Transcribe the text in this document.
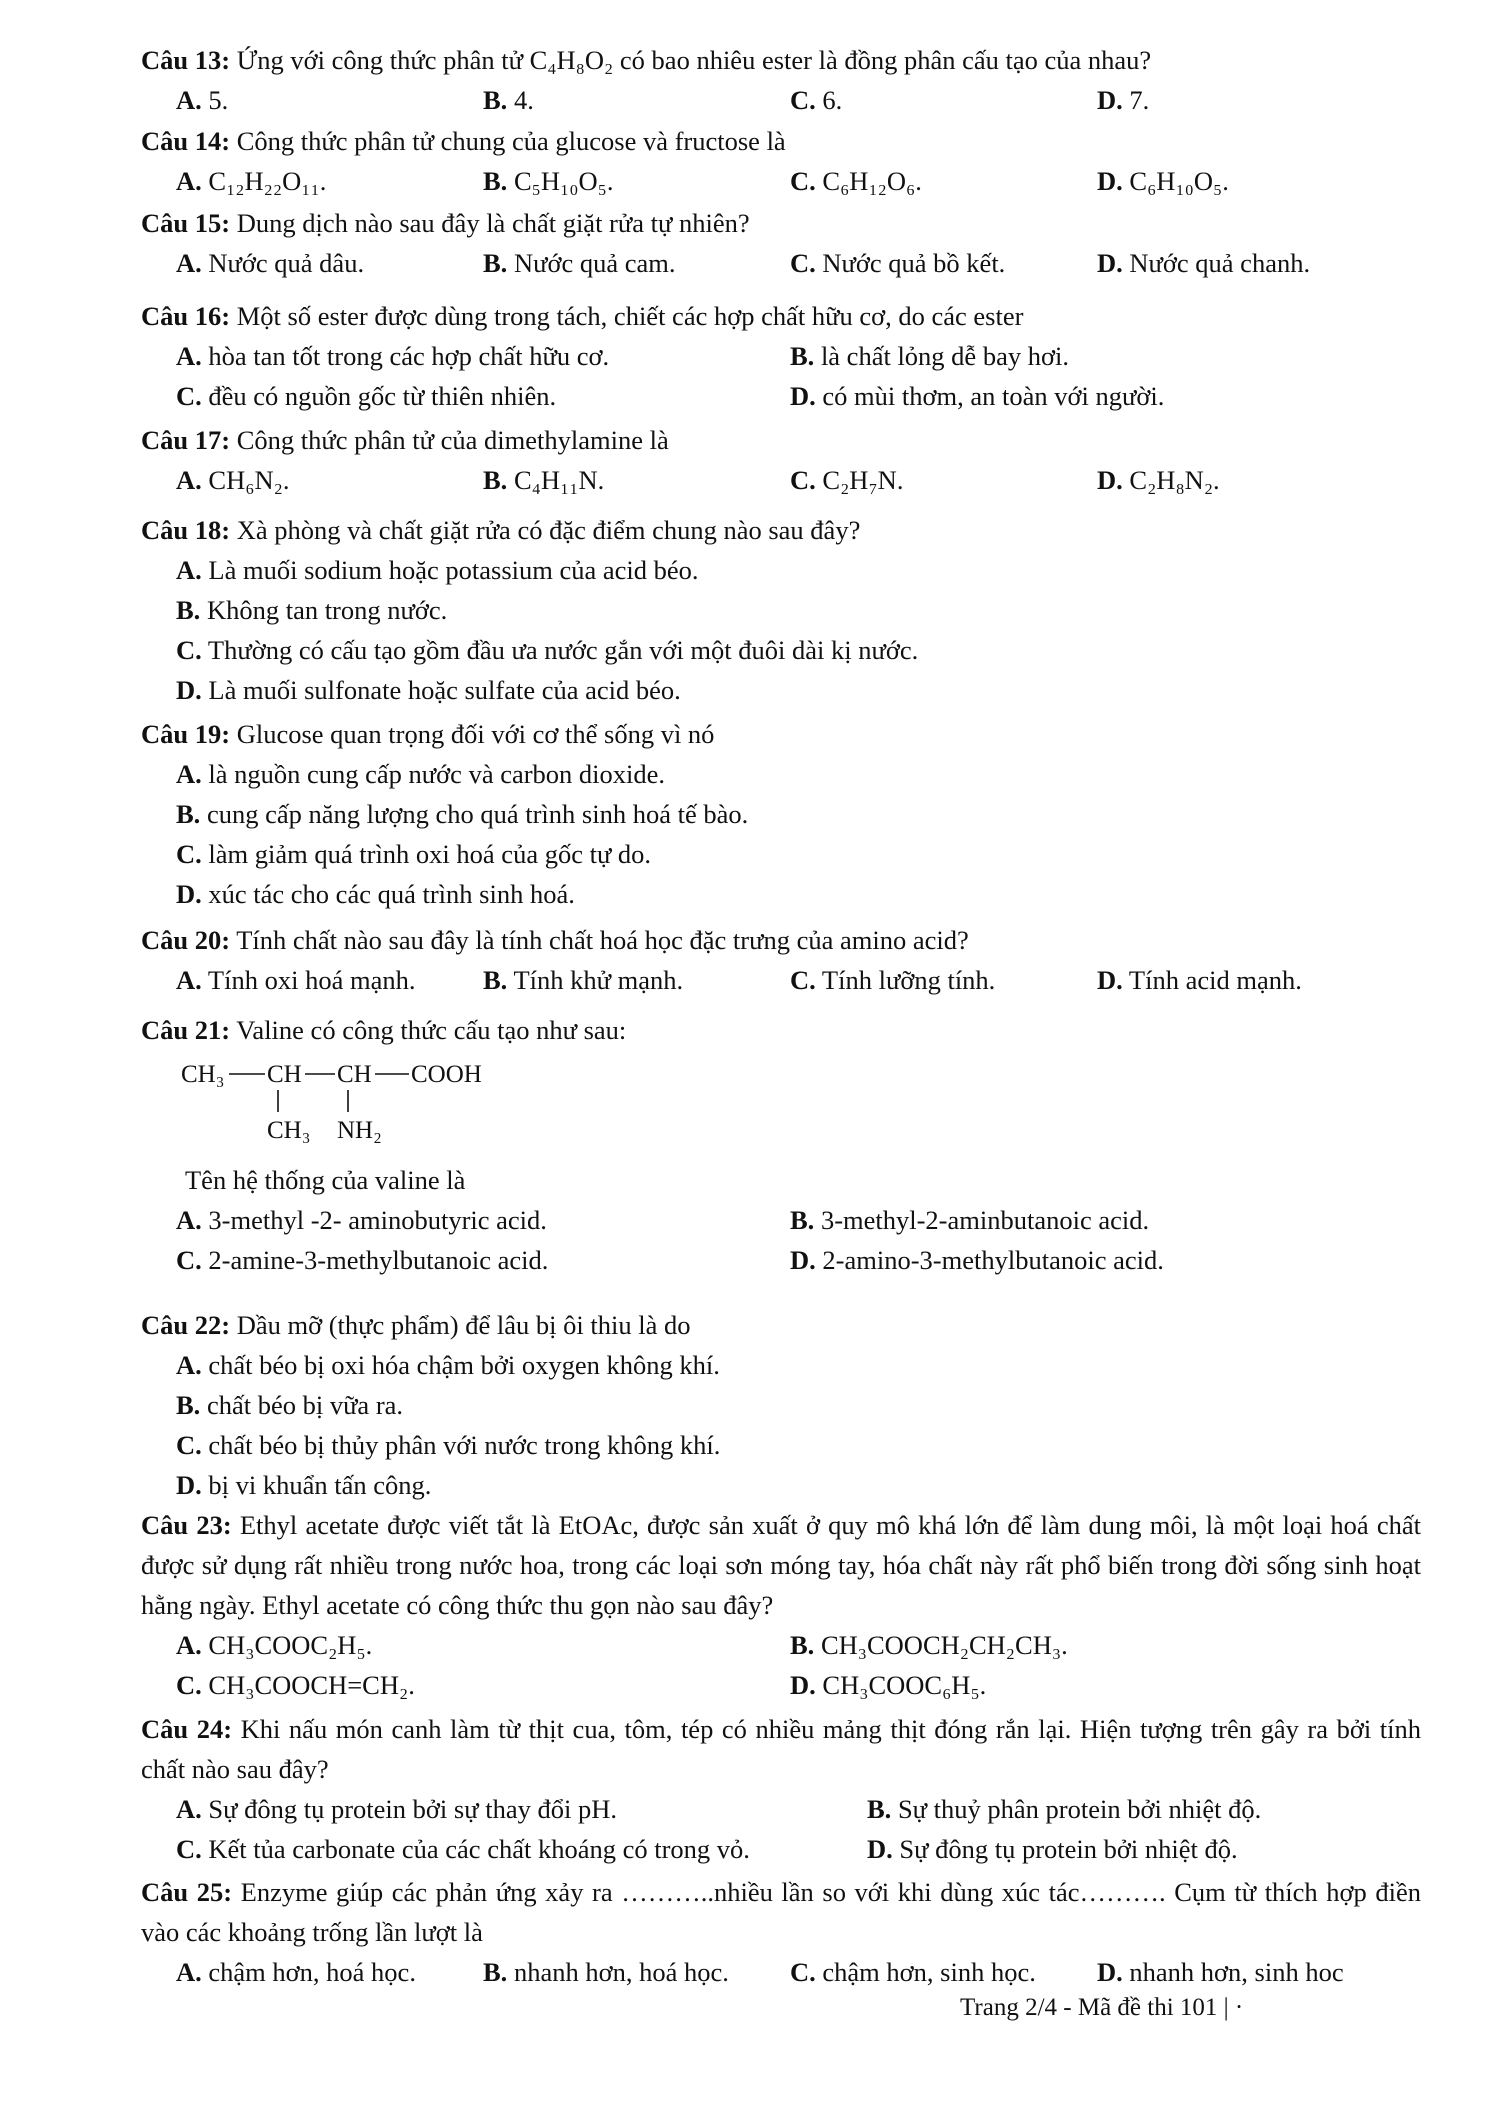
Câu 13: Ứng với công thức phân tử C₄H₈O₂ có bao nhiêu ester là đồng phân cấu tạo của nhau?
A. 5.	B. 4.	C. 6.	D. 7.
Câu 14: Công thức phân tử chung của glucose và fructose là
A. C₁₂H₂₂O₁₁.	B. C₅H₁₀O₅.	C. C₆H₁₂O₆.	D. C₆H₁₀O₅.
Câu 15: Dung dịch nào sau đây là chất giặt rửa tự nhiên?
A. Nước quả dâu.	B. Nước quả cam.	C. Nước quả bồ kết.	D. Nước quả chanh.
Câu 16: Một số ester được dùng trong tách, chiết các hợp chất hữu cơ, do các ester
A. hòa tan tốt trong các hợp chất hữu cơ.	B. là chất lỏng dễ bay hơi.
C. đều có nguồn gốc từ thiên nhiên.	D. có mùi thơm, an toàn với người.
Câu 17: Công thức phân tử của dimethylamine là
A. CH₆N₂.	B. C₄H₁₁N.	C. C₂H₇N.	D. C₂H₈N₂.
Câu 18: Xà phòng và chất giặt rửa có đặc điểm chung nào sau đây?
A. Là muối sodium hoặc potassium của acid béo.
B. Không tan trong nước.
C. Thường có cấu tạo gồm đầu ưa nước gắn với một đuôi dài kị nước.
D. Là muối sulfonate hoặc sulfate của acid béo.
Câu 19: Glucose quan trọng đối với cơ thể sống vì nó
A. là nguồn cung cấp nước và carbon dioxide.
B. cung cấp năng lượng cho quá trình sinh hoá tế bào.
C. làm giảm quá trình oxi hoá của gốc tự do.
D. xúc tác cho các quá trình sinh hoá.
Câu 20: Tính chất nào sau đây là tính chất hoá học đặc trưng của amino acid?
A. Tính oxi hoá mạnh.	B. Tính khử mạnh.	C. Tính lưỡng tính.	D. Tính acid mạnh.
Câu 21: Valine có công thức cấu tạo như sau:
CH₃ CH CH COOH
CH₃ NH₂
Tên hệ thống của valine là
A. 3-methyl -2- aminobutyric acid.	B. 3-methyl-2-aminbutanoic acid.
C. 2-amine-3-methylbutanoic acid.	D. 2-amino-3-methylbutanoic acid.
Câu 22: Dầu mỡ (thực phẩm) để lâu bị ôi thiu là do
A. chất béo bị oxi hóa chậm bởi oxygen không khí.
B. chất béo bị vữa ra.
C. chất béo bị thủy phân với nước trong không khí.
D. bị vi khuẩn tấn công.
Câu 23: Ethyl acetate được viết tắt là EtOAc, được sản xuất ở quy mô khá lớn để làm dung môi, là một loại hoá chất được sử dụng rất nhiều trong nước hoa, trong các loại sơn móng tay, hóa chất này rất phổ biến trong đời sống sinh hoạt hằng ngày. Ethyl acetate có công thức thu gọn nào sau đây?
A. CH₃COOC₂H₅.	B. CH₃COOCH₂CH₂CH₃.
C. CH₃COOCH=CH₂.	D. CH₃COOC₆H₅.
Câu 24: Khi nấu món canh làm từ thịt cua, tôm, tép có nhiều mảng thịt đóng rắn lại. Hiện tượng trên gây ra bởi tính chất nào sau đây?
A. Sự đông tụ protein bởi sự thay đổi pH.	B. Sự thuỷ phân protein bởi nhiệt độ.
C. Kết tủa carbonate của các chất khoáng có trong vỏ.	D. Sự đông tụ protein bởi nhiệt độ.
Câu 25: Enzyme giúp các phản ứng xảy ra ………..nhiều lần so với khi dùng xúc tác………. Cụm từ thích hợp điền vào các khoảng trống lần lượt là
A. chậm hơn, hoá học.	B. nhanh hơn, hoá học. C. chậm hơn, sinh học. D. nhanh hơn, sinh hoc
Trang 2/4 - Mã đề thi 101 | ·
